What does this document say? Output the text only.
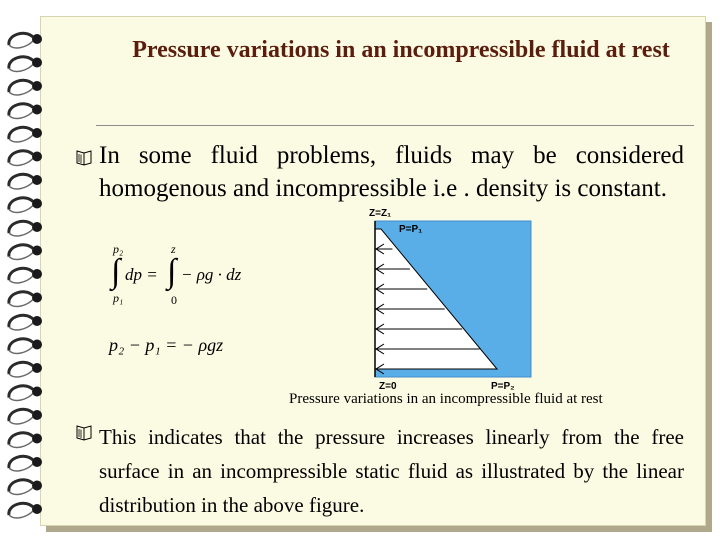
Pressure variations in an incompressible fluid at rest
In some fluid problems, fluids may be considered homogenous and incompressible i.e . density is constant.
p₂
∫
p₁
dp =
z
∫
0
− ρg · dz
p₂ − p₁ = − ρgz
P=P₁
Z=Z₁
Z=0	P=P₂
Pressure variations in an incompressible fluid at rest
This indicates that the pressure increases linearly from the free surface in an incompressible static fluid as illustrated by the linear distribution in the above figure.
